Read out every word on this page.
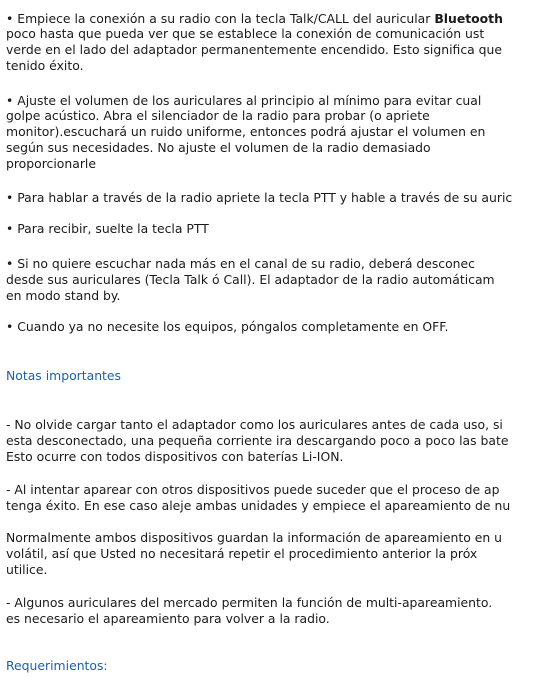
• Empiece la conexión a su radio con la tecla Talk/CALL del auricular Bluetooth
poco hasta que pueda ver que se establece la conexión de comunicación ust
verde en el lado del adaptador permanentemente encendido. Esto significa que
tenido éxito.
• Ajuste el volumen de los auriculares al principio al mínimo para evitar cual
golpe acústico. Abra el silenciador de la radio para probar (o apriete
monitor).escuchará un ruido uniforme, entonces podrá ajustar el volumen en
según sus necesidades. No ajuste el volumen de la radio demasiado
proporcionarle
• Para hablar a través de la radio apriete la tecla PTT y hable a través de su auric
• Para recibir, suelte la tecla PTT
• Si no quiere escuchar nada más en el canal de su radio, deberá desconec
desde sus auriculares (Tecla Talk ó Call). El adaptador de la radio automáticam
en modo stand by.
• Cuando ya no necesite los equipos, póngalos completamente en OFF.
Notas importantes
- No olvide cargar tanto el adaptador como los auriculares antes de cada uso, si
esta desconectado, una pequeña corriente ira descargando poco a poco las bate
Esto ocurre con todos dispositivos con baterías Li-ION.
- Al intentar aparear con otros dispositivos puede suceder que el proceso de ap
tenga éxito. En ese caso aleje ambas unidades y empiece el apareamiento de nu
Normalmente ambos dispositivos guardan la información de apareamiento en u
volátil, así que Usted no necesitará repetir el procedimiento anterior la próx
utilice.
- Algunos auriculares del mercado permiten la función de multi-apareamiento.
es necesario el apareamiento para volver a la radio.
Requerimientos:
